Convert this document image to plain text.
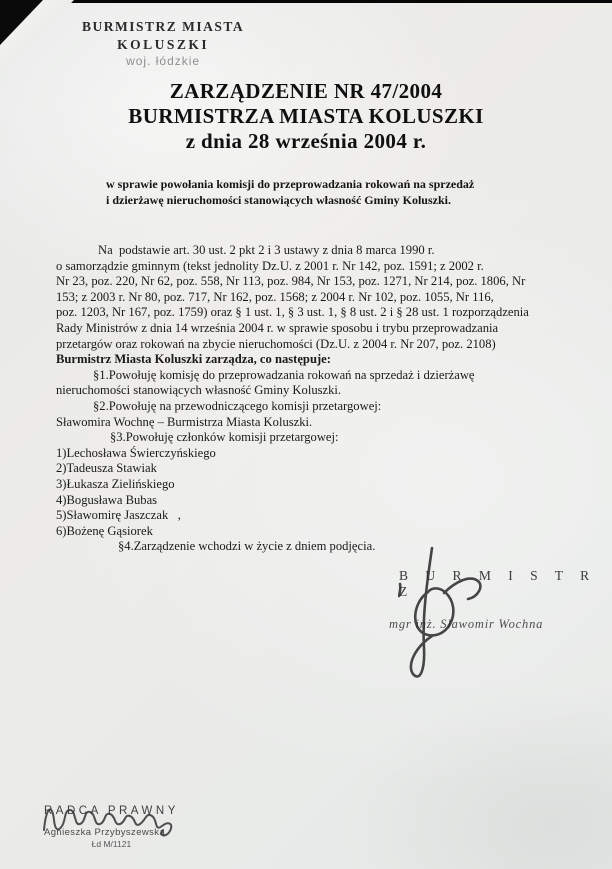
BURMISTRZ MIASTA
KOLUSZKI
woj. łódzkie
ZARZĄDZENIE NR 47/2004
BURMISTRZA MIASTA KOLUSZKI
z dnia 28 września 2004 r.
w sprawie powołania komisji do przeprowadzania rokowań na sprzedaż
i dzierżawę nieruchomości stanowiących własność Gminy Koluszki.
Na  podstawie art. 30 ust. 2 pkt 2 i 3 ustawy z dnia 8 marca 1990 r.
o samorządzie gminnym (tekst jednolity Dz.U. z 2001 r. Nr 142, poz. 1591; z 2002 r.
Nr 23, poz. 220, Nr 62, poz. 558, Nr 113, poz. 984, Nr 153, poz. 1271, Nr 214, poz. 1806, Nr
153; z 2003 r. Nr 80, poz. 717, Nr 162, poz. 1568; z 2004 r. Nr 102, poz. 1055, Nr 116,
poz. 1203, Nr 167, poz. 1759) oraz § 1 ust. 1, § 3 ust. 1, § 8 ust. 2 i § 28 ust. 1 rozporządzenia
Rady Ministrów z dnia 14 września 2004 r. w sprawie sposobu i trybu przeprowadzania
przetargów oraz rokowań na zbycie nieruchomości (Dz.U. z 2004 r. Nr 207, poz. 2108)
Burmistrz Miasta Koluszki zarządza, co następuje:
§1.Powołuję komisję do przeprowadzania rokowań na sprzedaż i dzierżawę
nieruchomości stanowiących własność Gminy Koluszki.
§2.Powołuję na przewodniczącego komisji przetargowej:
Sławomira Wochnę – Burmistrza Miasta Koluszki.
§3.Powołuję członków komisji przetargowej:
1)Lechosława Świerczyńskiego
2)Tadeusza Stawiak
3)Łukasza Zielińskiego
4)Bogusława Bubas
5)Sławomirę Jaszczak   ,
6)Bożenę Gąsiorek
§4.Zarządzenie wchodzi w życie z dniem podjęcia.
B U R M I S T R Z
mgr inż. Sławomir Wochna
RADCA PRAWNY
Agnieszka Przybyszewska
Łd M/1121
